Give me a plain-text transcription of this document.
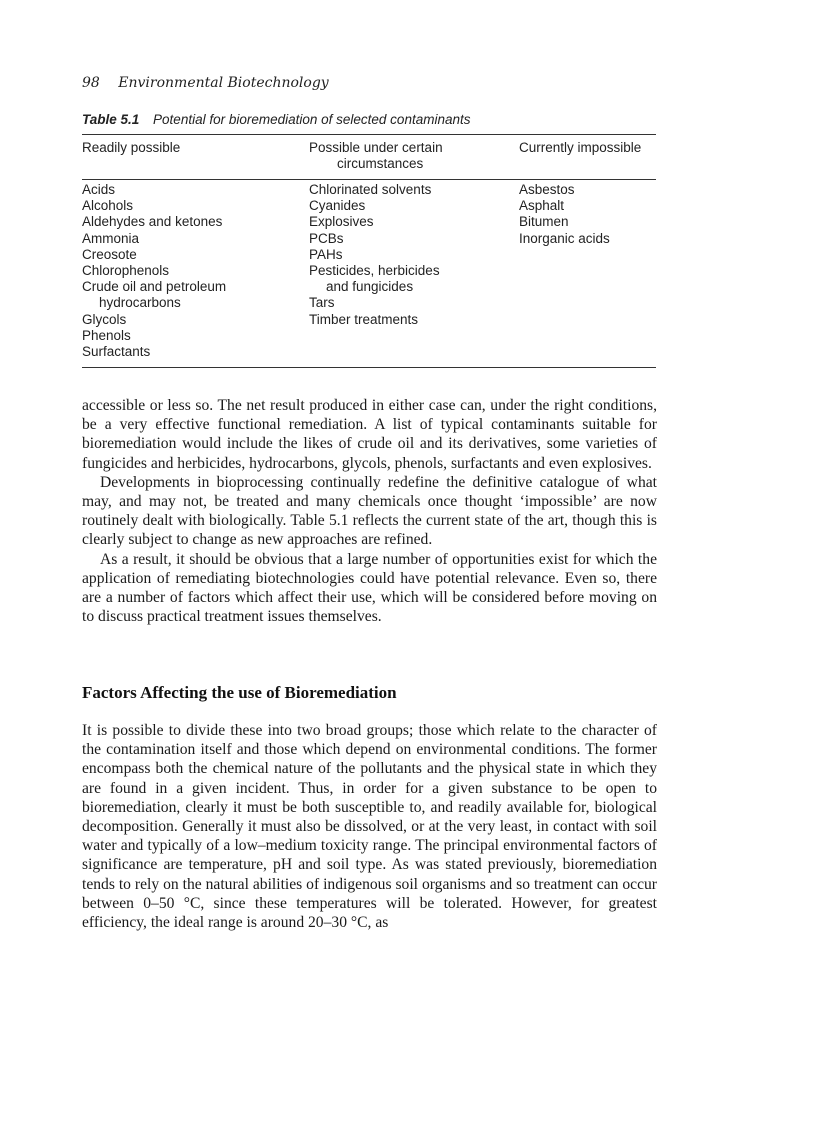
98 Environmental Biotechnology
Table 5.1 Potential for bioremediation of selected contaminants
Readily possible	Possible under certain
circumstances
Currently impossible
Acids
Alcohols
Aldehydes and ketones
Ammonia
Creosote
Chlorophenols
Crude oil and petroleum
hydrocarbons
Glycols
Phenols
Surfactants
Chlorinated solvents
Cyanides
Explosives
PCBs
PAHs
Pesticides, herbicides
and fungicides
Tars
Timber treatments
Asbestos
Asphalt
Bitumen
Inorganic acids

accessible or less so. The net result produced in either case can, under the right conditions, be a very effective functional remediation. A list of typical contaminants suitable for bioremediation would include the likes of crude oil and its derivatives, some varieties of fungicides and herbicides, hydrocarbons, glycols, phenols, surfactants and even explosives.

Developments in bioprocessing continually redefine the definitive catalogue of what may, and may not, be treated and many chemicals once thought ‘impossible’ are now routinely dealt with biologically. Table 5.1 reflects the current state of the art, though this is clearly subject to change as new approaches are refined.

As a result, it should be obvious that a large number of opportunities exist for which the application of remediating biotechnologies could have potential relevance. Even so, there are a number of factors which affect their use, which will be considered before moving on to discuss practical treatment issues themselves.

Factors Affecting the use of Bioremediation

It is possible to divide these into two broad groups; those which relate to the character of the contamination itself and those which depend on environmental conditions. The former encompass both the chemical nature of the pollutants and the physical state in which they are found in a given incident. Thus, in order for a given substance to be open to bioremediation, clearly it must be both susceptible to, and readily available for, biological decomposition. Generally it must also be dissolved, or at the very least, in contact with soil water and typically of a low–medium toxicity range. The principal environmental factors of significance are temperature, pH and soil type. As was stated previously, bioremediation tends to rely on the natural abilities of indigenous soil organisms and so treatment can occur between 0–50 °C, since these temperatures will be tolerated. However, for greatest efficiency, the ideal range is around 20–30 °C, as
